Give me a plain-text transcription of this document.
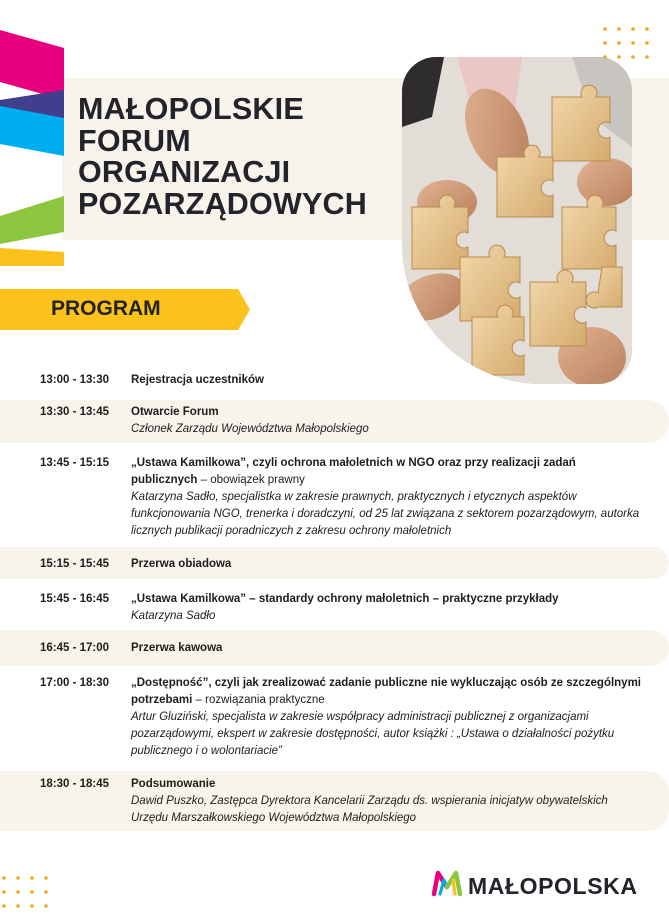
MAŁOPOLSKIE
FORUM
ORGANIZACJI
POZARZĄDOWYCH
PROGRAM
13:00 - 13:30 Rejestracja uczestników
13:30 - 13:45 Otwarcie Forum
Członek Zarządu Województwa Małopolskiego
13:45 - 15:15 „Ustawa Kamilkowa”, czyli ochrona małoletnich w NGO oraz przy realizacji zadań publicznych – obowiązek prawny
Katarzyna Sadło, specjalistka w zakresie prawnych, praktycznych i etycznych aspektów funkcjonowania NGO, trenerka i doradczyni, od 25 lat związana z sektorem pozarządowym, autorka licznych publikacji poradniczych z zakresu ochrony małoletnich
15:15 - 15:45 Przerwa obiadowa
15:45 - 16:45 „Ustawa Kamilkowa” – standardy ochrony małoletnich – praktyczne przykłady
Katarzyna Sadło
16:45 - 17:00 Przerwa kawowa
17:00 - 18:30 „Dostępność”, czyli jak zrealizować zadanie publiczne nie wykluczając osób ze szczególnymi potrzebami – rozwiązania praktyczne
Artur Gluziński, specjalista w zakresie współpracy administracji publicznej z organizacjami pozarządowymi, ekspert w zakresie dostępności, autor książki : „Ustawa o działalności pożytku publicznego i o wolontariacie”
18:30 - 18:45 Podsumowanie
Dawid Puszko, Zastępca Dyrektora Kancelarii Zarządu ds. wspierania inicjatyw obywatelskich Urzędu Marszałkowskiego Województwa Małopolskiego
MAŁOPOLSKA
